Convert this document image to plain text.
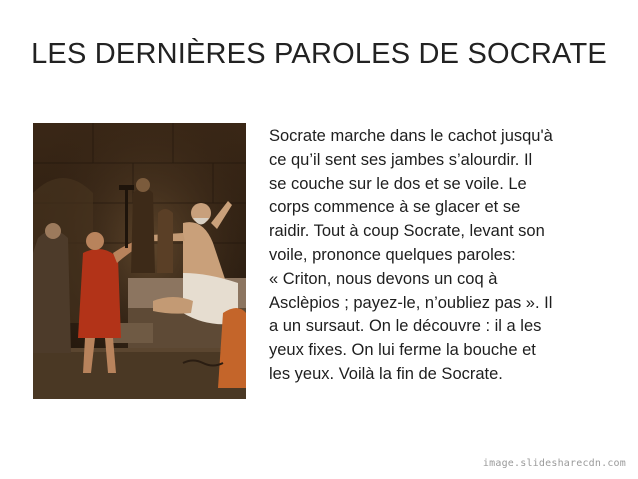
LES DERNIÈRES PAROLES DE SOCRATE
Socrate marche dans le cachot jusqu'à
ce qu’il sent ses jambes s’alourdir. Il
se couche sur le dos et se voile. Le
corps commence à se glacer et se
raidir. Tout à coup Socrate, levant son
voile, prononce quelques paroles:
« Criton, nous devons un coq à
Asclèpios ; payez-le, n’oubliez pas ». Il
a un sursaut. On le découvre : il a les
yeux fixes. On lui ferme la bouche et
les yeux. Voilà la fin de Socrate.
image.slidesharecdn.com
